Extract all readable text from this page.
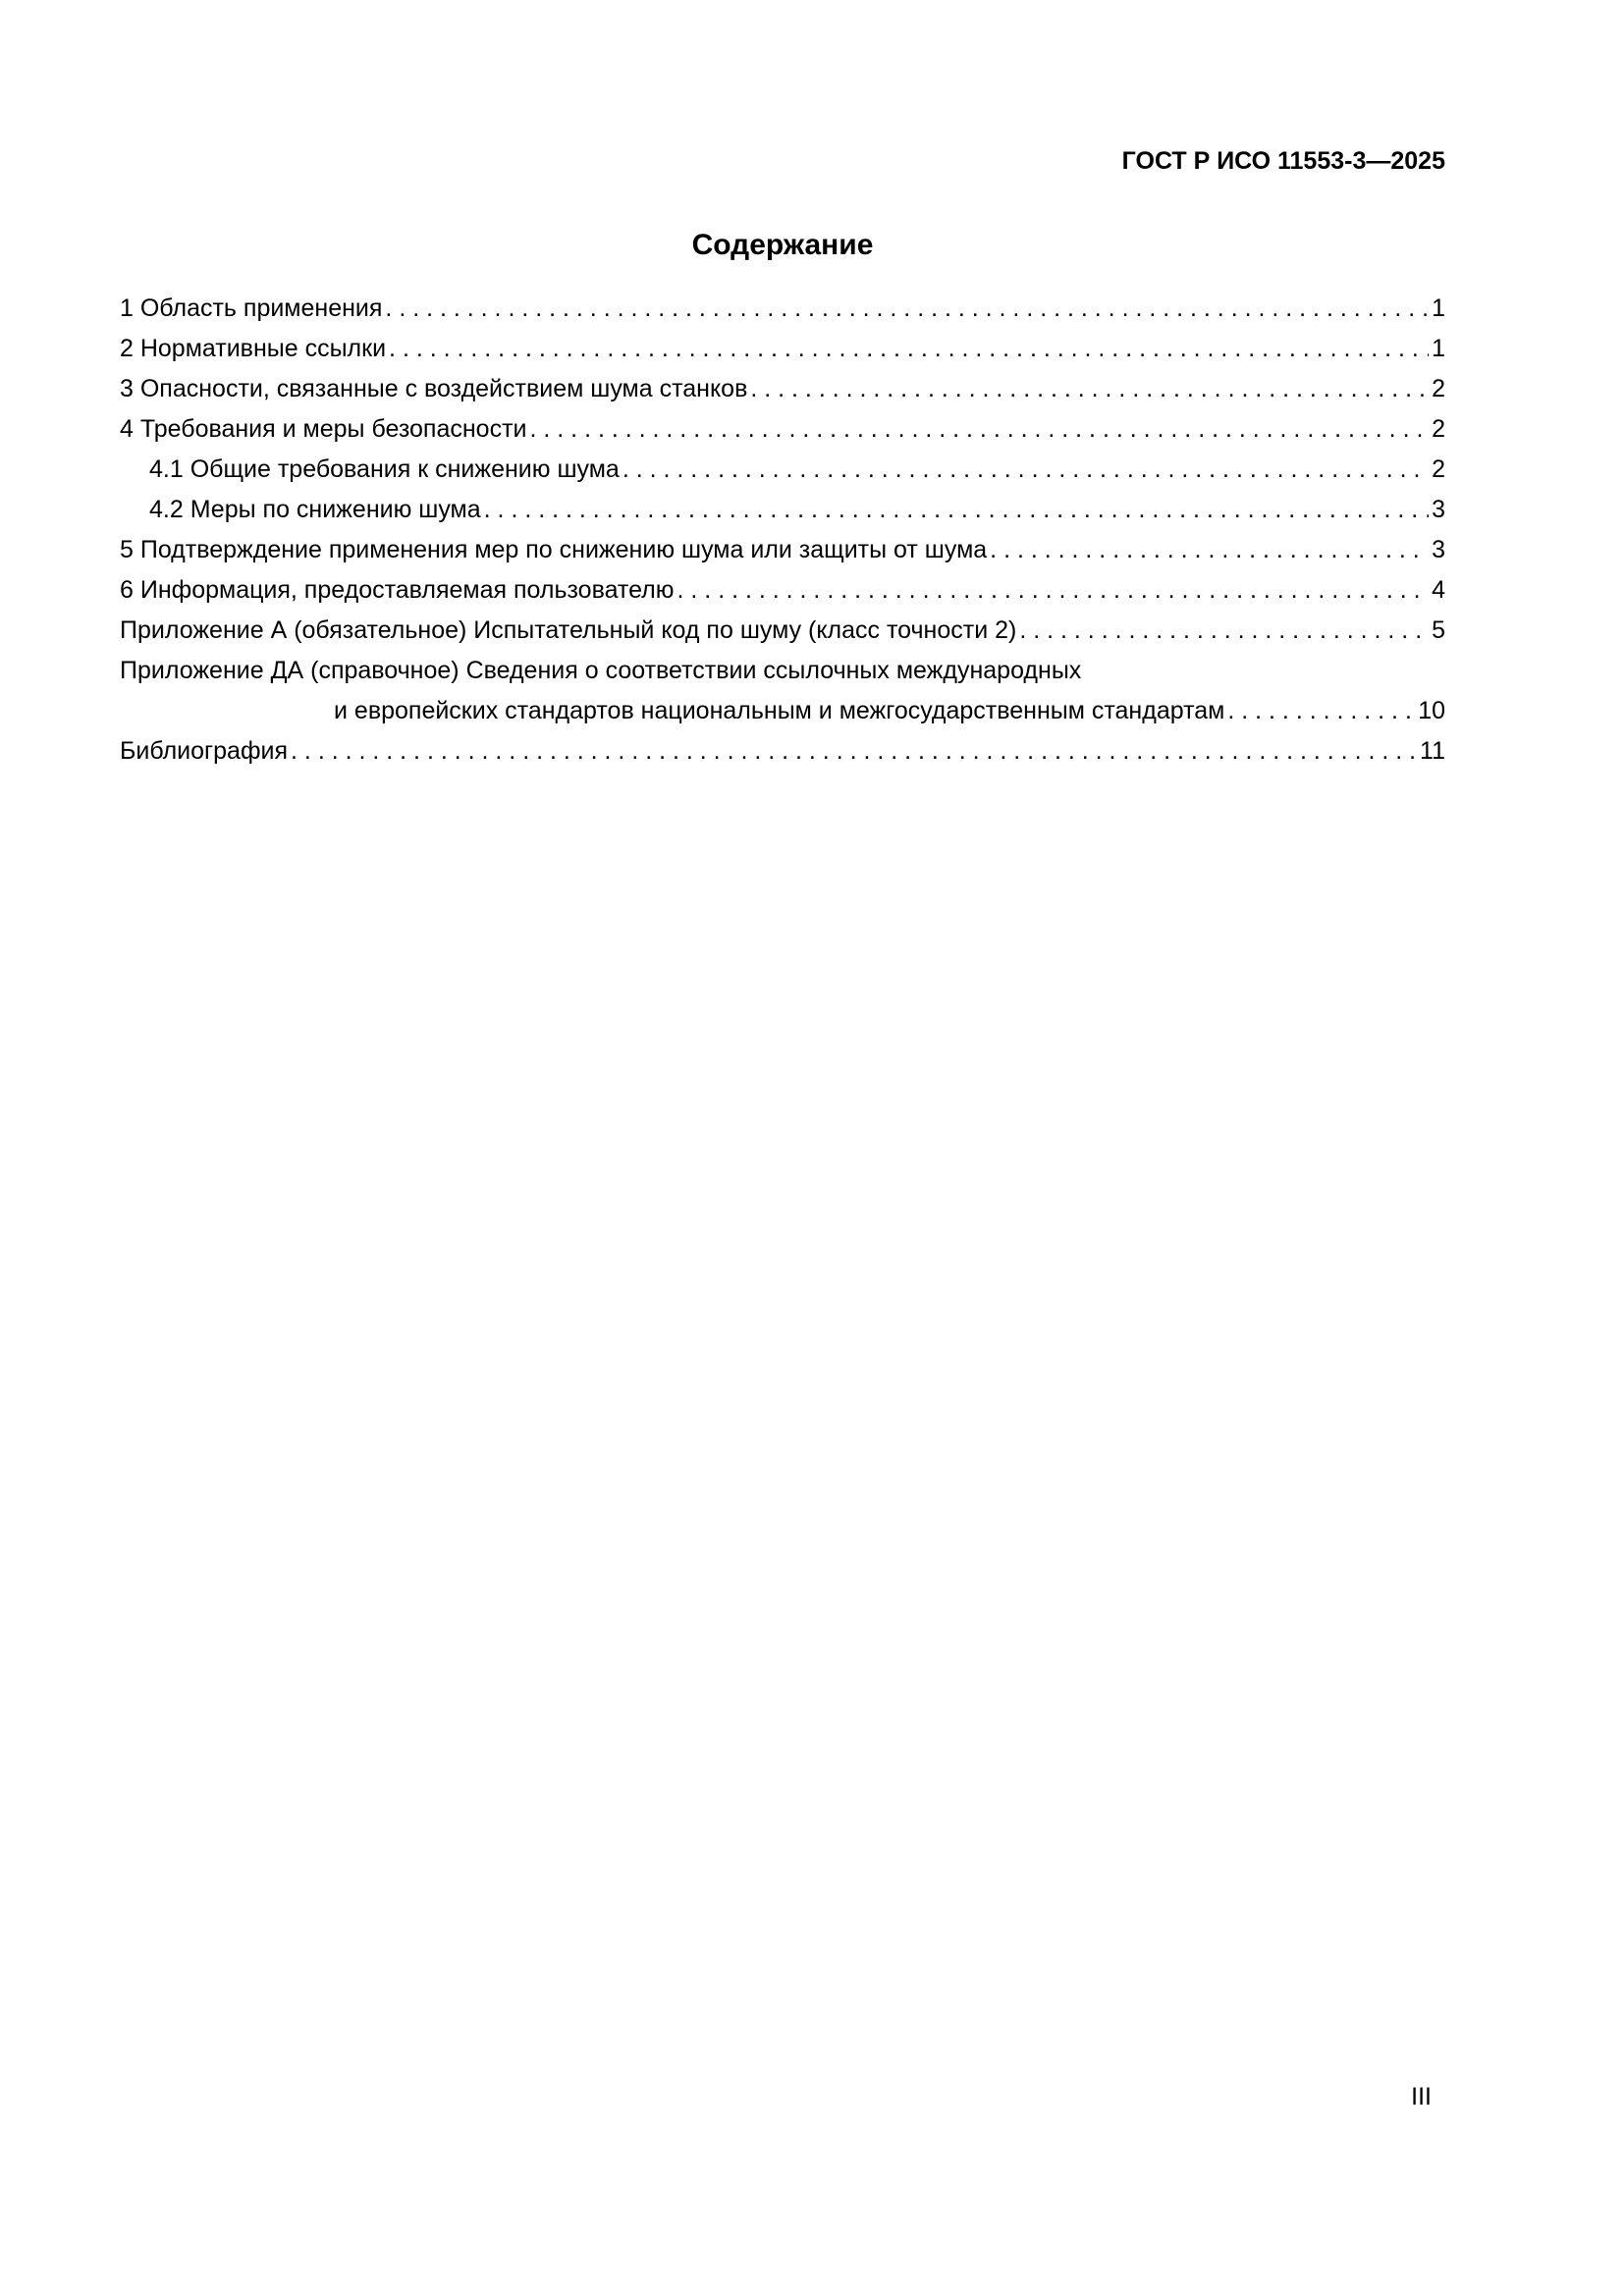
ГОСТ Р ИСО 11553-3—2025
Содержание
1 Область применения . . .	1
2 Нормативные ссылки . . .	1
3 Опасности, связанные с воздействием шума станков . . .	2
4 Требования и меры безопасности . . .	2
4.1 Общие требования к снижению шума . . .	2
4.2 Меры по снижению шума . . .	3
5 Подтверждение применения мер по снижению шума или защиты от шума . . .	3
6 Информация, предоставляемая пользователю . . .	4
Приложение А (обязательное) Испытательный код по шуму (класс точности 2) . . .	5
Приложение ДА (справочное) Сведения о соответствии ссылочных международных
и европейских стандартов национальным и межгосударственным стандартам . . .	10
Библиография . . .	11
III
